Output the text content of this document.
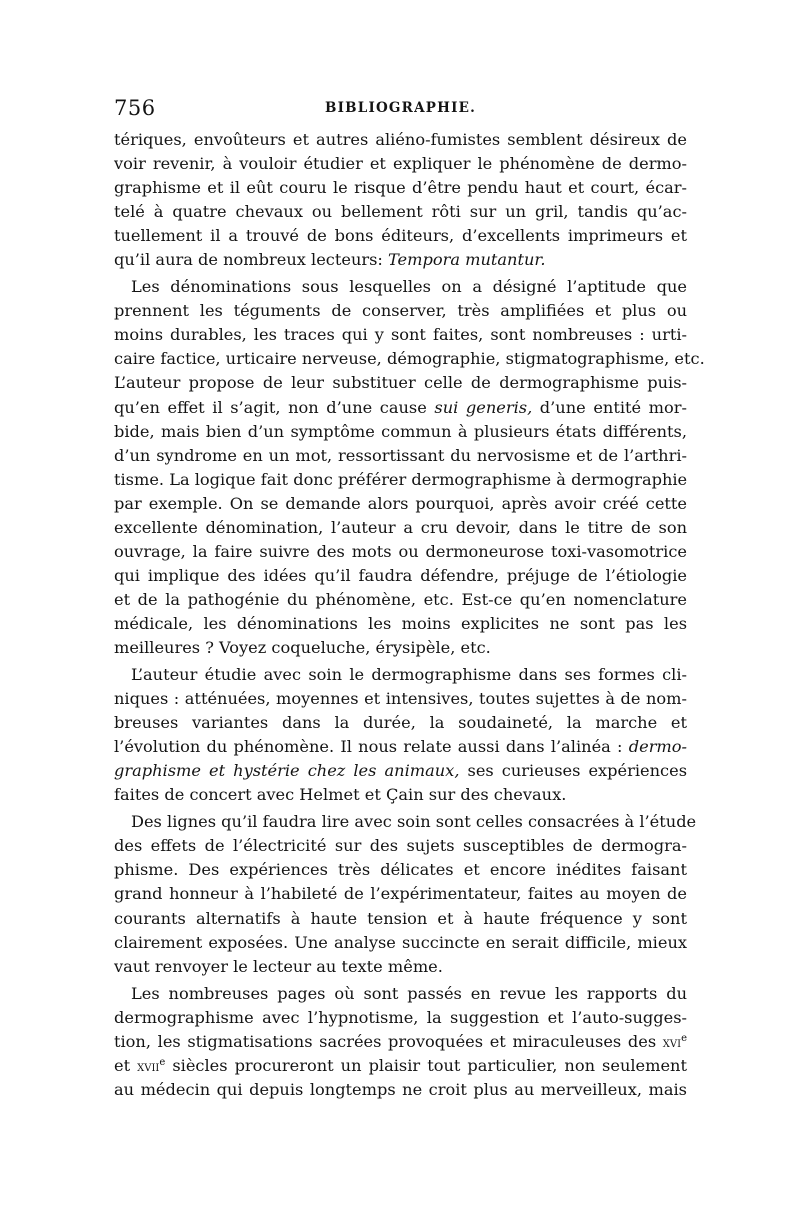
756	BIBLIOGRAPHIE.
tériques, envoûteurs et autres aliéno-fumistes semblent désireux de
voir revenir, à vouloir étudier et expliquer le phénomène de dermo-
graphisme et il eût couru le risque d’être pendu haut et court, écar-
telé à quatre chevaux ou bellement rôti sur un gril, tandis qu’ac-
tuellement il a trouvé de bons éditeurs, d’excellents imprimeurs et
qu’il aura de nombreux lecteurs: Tempora mutantur.
Les dénominations sous lesquelles on a désigné l’aptitude que
prennent les téguments de conserver, très amplifiées et plus ou
moins durables, les traces qui y sont faites, sont nombreuses : urti-
caire factice, urticaire nerveuse, démographie, stigmatographisme, etc.
L’auteur propose de leur substituer celle de dermographisme puis-
qu’en effet il s’agit, non d’une cause sui generis, d’une entité mor-
bide, mais bien d’un symptôme commun à plusieurs états différents,
d’un syndrome en un mot, ressortissant du nervosisme et de l’arthri-
tisme. La logique fait donc préférer dermographisme à dermographie
par exemple. On se demande alors pourquoi, après avoir créé cette
excellente dénomination, l’auteur a cru devoir, dans le titre de son
ouvrage, la faire suivre des mots ou dermoneurose toxi-vasomotrice
qui implique des idées qu’il faudra défendre, préjuge de l’étiologie
et de la pathogénie du phénomène, etc. Est-ce qu’en nomenclature
médicale, les dénominations les moins explicites ne sont pas les
meilleures ? Voyez coqueluche, érysipèle, etc.
L’auteur étudie avec soin le dermographisme dans ses formes cli-
niques : atténuées, moyennes et intensives, toutes sujettes à de nom-
breuses variantes dans la durée, la soudaineté, la marche et
l’évolution du phénomène. Il nous relate aussi dans l’alinéa : dermo-
graphisme et hystérie chez les animaux, ses curieuses expériences
faites de concert avec Helmet et Çain sur des chevaux.
Des lignes qu’il faudra lire avec soin sont celles consacrées à l’étude
des effets de l’électricité sur des sujets susceptibles de dermogra-
phisme. Des expériences très délicates et encore inédites faisant
grand honneur à l’habileté de l’expérimentateur, faites au moyen de
courants alternatifs à haute tension et à haute fréquence y sont
clairement exposées. Une analyse succincte en serait difficile, mieux
vaut renvoyer le lecteur au texte même.
Les nombreuses pages où sont passés en revue les rapports du
dermographisme avec l’hypnotisme, la suggestion et l’auto-sugges-
tion, les stigmatisations sacrées provoquées et miraculeuses des xvi$^e$
et xvii$^e$ siècles procureront un plaisir tout particulier, non seulement
au médecin qui depuis longtemps ne croit plus au merveilleux, mais
